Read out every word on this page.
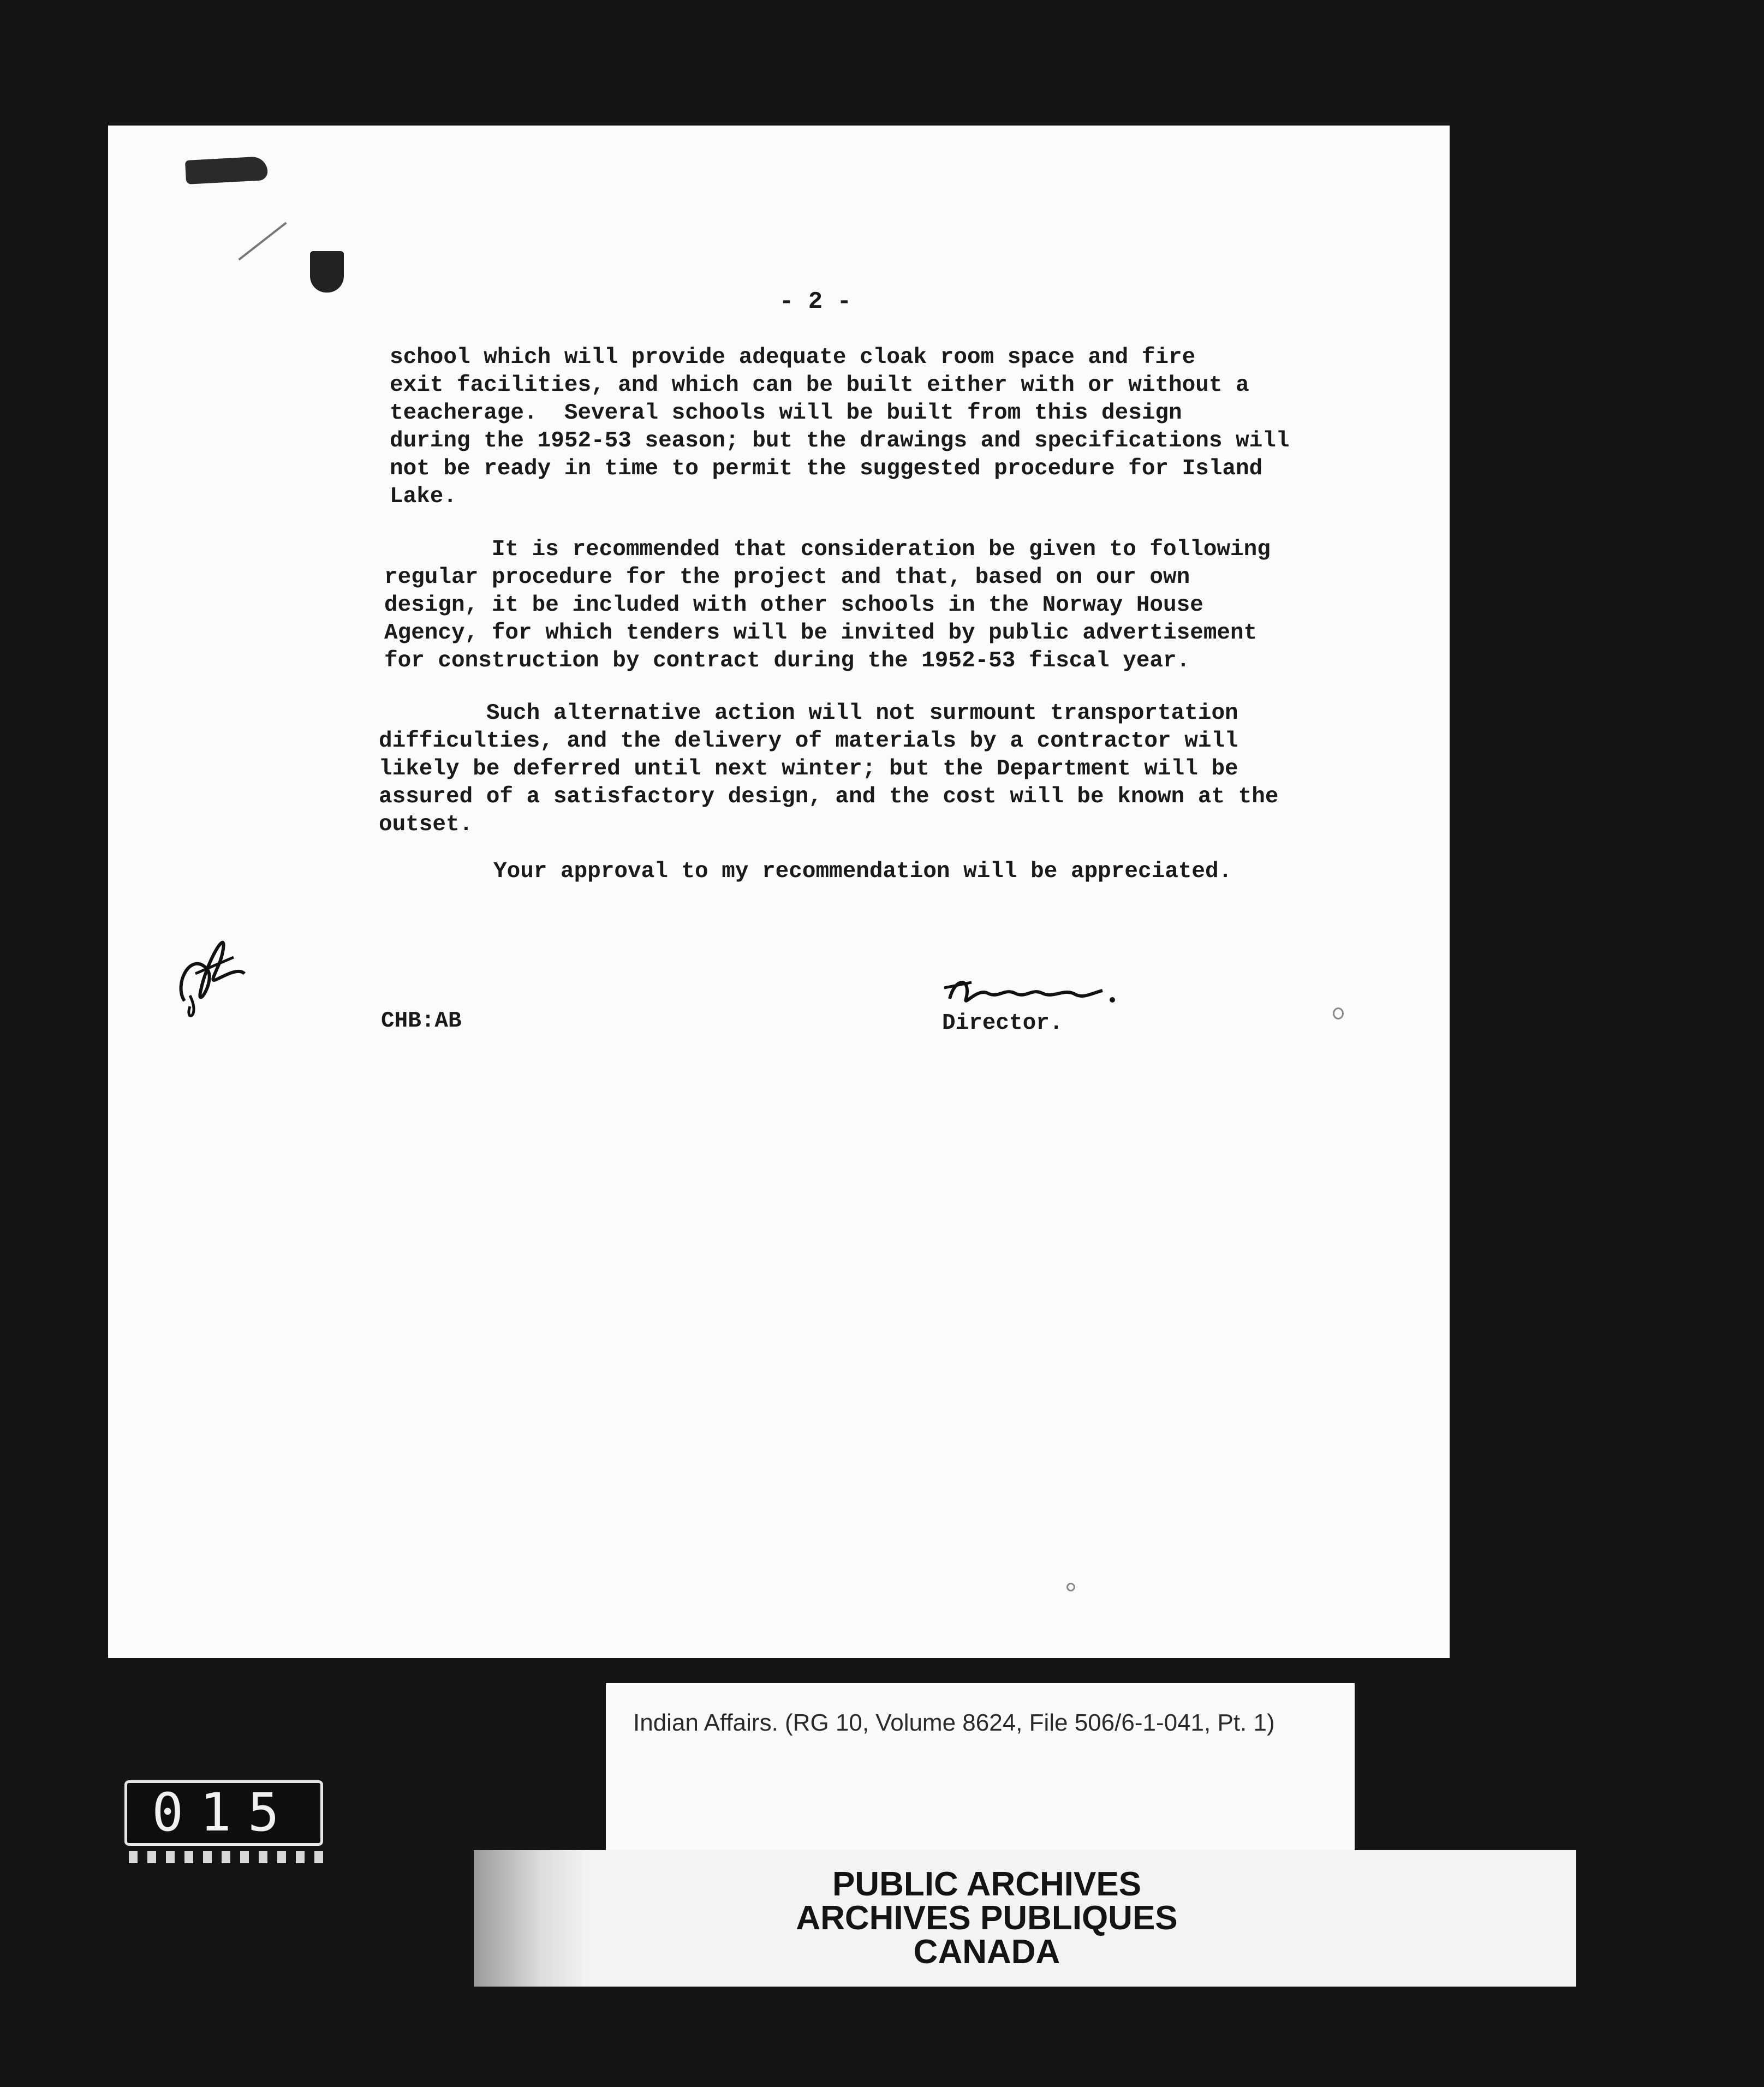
- 2 -

school which will provide adequate cloak room space and fire
exit facilities, and which can be built either with or without a
teacherage.  Several schools will be built from this design
during the 1952-53 season; but the drawings and specifications will
not be ready in time to permit the suggested procedure for Island
Lake.

It is recommended that consideration be given to following
regular procedure for the project and that, based on our own
design, it be included with other schools in the Norway House
Agency, for which tenders will be invited by public advertisement
for construction by contract during the 1952-53 fiscal year.

Such alternative action will not surmount transportation
difficulties, and the delivery of materials by a contractor will
likely be deferred until next winter; but the Department will be
assured of a satisfactory design, and the cost will be known at the
outset.

Your approval to my recommendation will be appreciated.

CHB:AB	Director.

015
Indian Affairs. (RG 10, Volume 8624, File 506/6-1-041, Pt. 1)
PUBLIC ARCHIVES
ARCHIVES PUBLIQUES
CANADA
